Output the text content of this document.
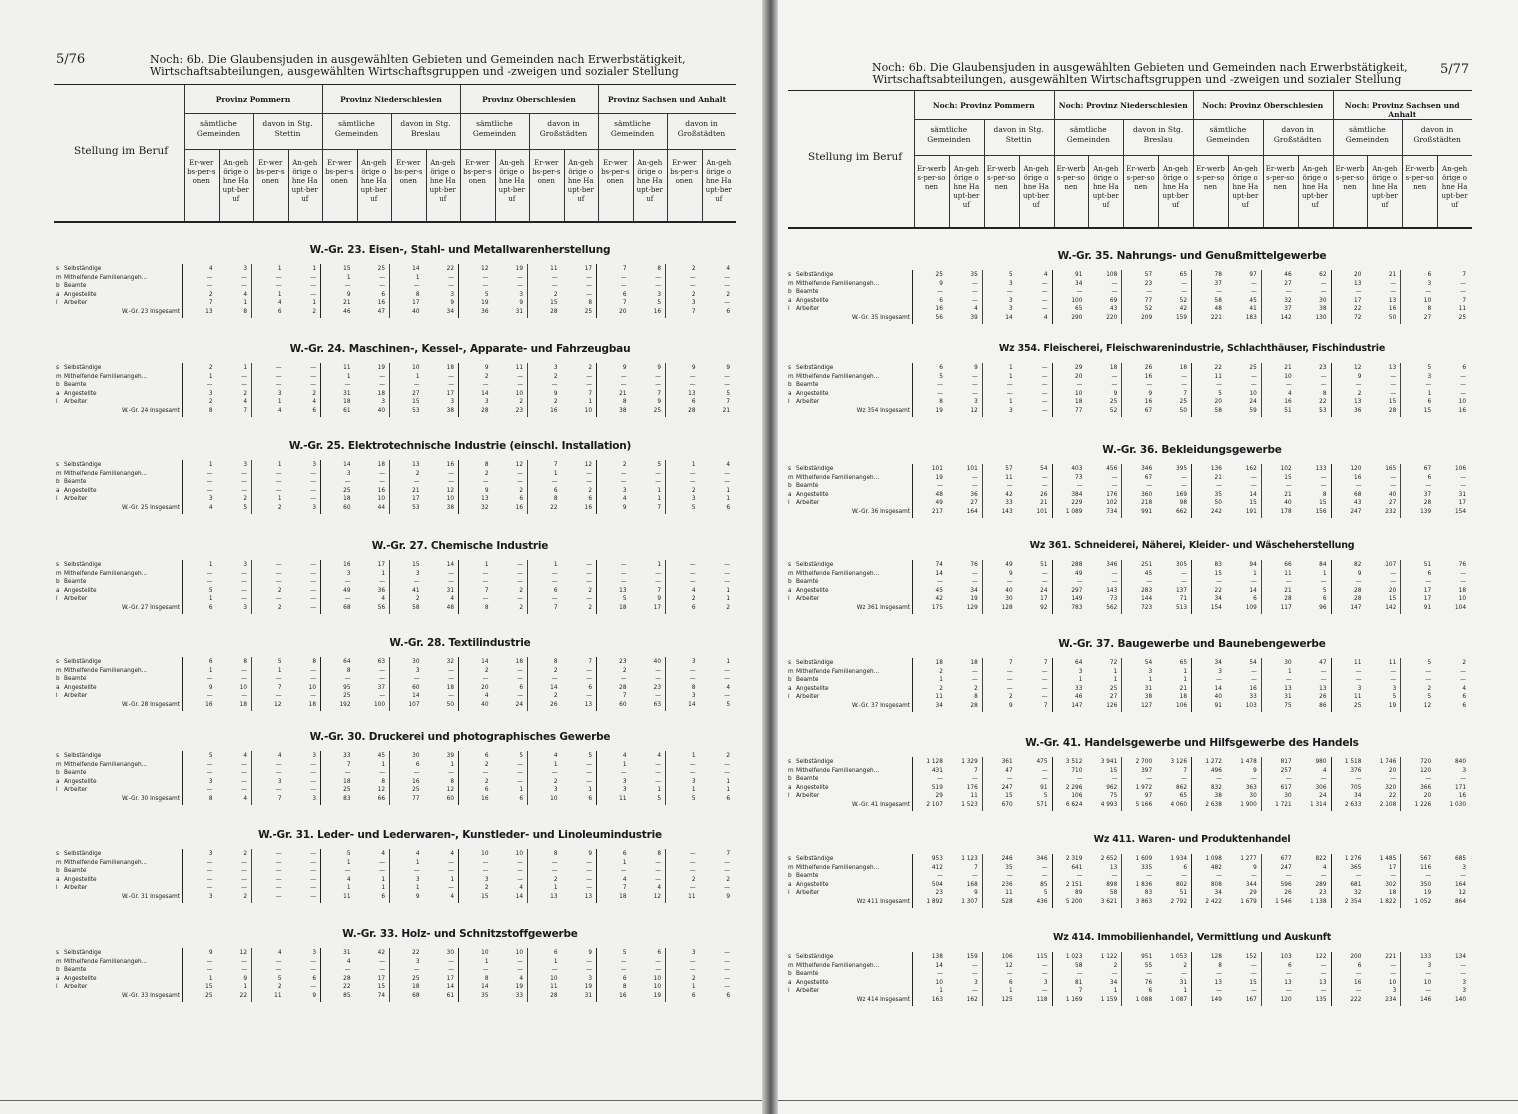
5/76	Noch: 6b. Die Glaubensjuden in ausgewählten Gebieten und Gemeinden nach Erwerbstätigkeit,
Wirtschaftsabteilungen, ausgewählten Wirtschaftsgruppen und -zweigen und sozialer Stellung
Stellung im Beruf
Provinz Pommern
sämtliche Gemeinden
Er-werbs-per-sonen
An-gehörige ohne Haupt-beruf
davon in Stg. Stettin
Er-werbs-per-sonen
An-gehörige ohne Haupt-beruf
Provinz Niederschlesien
sämtliche Gemeinden
Er-werbs-per-sonen
An-gehörige ohne Haupt-beruf
davon in Stg. Breslau
Er-werbs-per-sonen
An-gehörige ohne Haupt-beruf
Provinz Oberschlesien
sämtliche Gemeinden
Er-werbs-per-sonen
An-gehörige ohne Haupt-beruf
davon in Großstädten
Er-werbs-per-sonen
An-gehörige ohne Haupt-beruf
Provinz Sachsen und Anhalt
sämtliche Gemeinden
Er-werbs-per-sonen
An-gehörige ohne Haupt-beruf
davon in Großstädten
Er-werbs-per-sonen
An-gehörige ohne Haupt-beruf
W.-Gr. 23. Eisen-, Stahl- und Metallwarenherstellung
s Selbständige	4	3	1	1	15	25	14	22	12	19	11	17	7	8	2	4
m Mithelfende Familienangeh...	—	—	—	—	1	—	1	—	—	—	—	—	—	—	—	—
b Beamte	—	—	—	—	—	—	—	—	—	—	—	—	—	—	—	—
a Angestellte	2	4	1	—	9	6	8	3	5	3	2	—	6	3	2	2
l Arbeiter	7	1	4	1	21	16	17	9	19	9	15	8	7	5	3	—
W.-Gr. 23 Insgesamt	13	8	6	2	46	47	40	34	36	31	28	25	20	16	7	6
W.-Gr. 24. Maschinen-, Kessel-, Apparate- und Fahrzeugbau
s Selbständige	2	1	—	—	11	19	10	18	9	11	3	2	9	9	9	9
m Mithelfende Familienangeh...	1	—	—	—	1	—	1	—	2	—	2	—	—	—	—	—
b Beamte	—	—	—	—	—	—	—	—	—	—	—	—	—	—	—	—
a Angestellte	3	2	3	2	31	18	27	17	14	10	9	7	21	7	13	5
l Arbeiter	2	4	1	4	18	3	15	3	3	2	2	1	8	9	6	7
W.-Gr. 24 Insgesamt	8	7	4	6	61	40	53	38	28	23	16	10	38	25	28	21
W.-Gr. 25. Elektrotechnische Industrie (einschl. Installation)
s Selbständige	1	3	1	3	14	18	13	16	8	12	7	12	2	5	1	4
m Mithelfende Familienangeh...	—	—	—	—	3	—	2	—	2	—	1	—	—	—	—	—
b Beamte	—	—	—	—	—	—	—	—	—	—	—	—	—	—	—	—
a Angestellte	—	—	—	—	25	16	21	12	9	2	6	2	3	1	2	1
l Arbeiter	3	2	1	—	18	10	17	10	13	6	8	6	4	1	3	1
W.-Gr. 25 Insgesamt	4	5	2	3	60	44	53	38	32	16	22	16	9	7	5	6
W.-Gr. 27. Chemische Industrie
s Selbständige	1	3	—	—	16	17	15	14	1	—	1	—	—	1	—	—
m Mithelfende Familienangeh...	—	—	—	—	3	1	3	—	—	—	—	—	—	—	—	—
b Beamte	—	—	—	—	—	—	—	—	—	—	—	—	—	—	—	—
a Angestellte	5	—	2	—	49	36	41	31	7	2	6	2	13	7	4	1
l Arbeiter	1	—	—	—	—	4	2	4	—	—	—	—	5	9	2	1
W.-Gr. 27 Insgesamt	6	3	2	—	68	56	58	48	8	2	7	2	18	17	6	2
W.-Gr. 28. Textilindustrie
s Selbständige	6	8	5	8	64	63	30	32	14	18	8	7	23	40	3	1
m Mithelfende Familienangeh...	1	—	1	—	8	—	3	—	2	—	2	—	2	—	—	—
b Beamte	—	—	—	—	—	—	—	—	—	—	—	—	—	—	—	—
a Angestellte	9	10	7	10	95	37	60	18	20	6	14	6	28	23	8	4
l Arbeiter	—	—	—	—	25	—	14	—	4	—	2	—	7	—	3	—
W.-Gr. 28 Insgesamt	16	18	12	18	192	100	107	50	40	24	26	13	60	63	14	5
W.-Gr. 30. Druckerei und photographisches Gewerbe
s Selbständige	5	4	4	3	33	45	30	39	6	5	4	5	4	4	1	2
m Mithelfende Familienangeh...	—	—	—	—	7	1	6	1	2	—	1	—	1	—	—	—
b Beamte	—	—	—	—	—	—	—	—	—	—	—	—	—	—	—	—
a Angestellte	3	—	3	—	18	8	16	8	2	—	2	—	3	—	3	1
l Arbeiter	—	—	—	—	25	12	25	12	6	1	3	1	3	1	1	1
W.-Gr. 30 Insgesamt	8	4	7	3	83	66	77	60	16	6	10	6	11	5	5	6
W.-Gr. 31. Leder- und Lederwaren-, Kunstleder- und Linoleumindustrie
s Selbständige	3	2	—	—	5	4	4	4	10	10	8	9	6	8	—	7
m Mithelfende Familienangeh...	—	—	—	—	1	—	1	—	—	—	—	—	1	—	—	—
b Beamte	—	—	—	—	—	—	—	—	—	—	—	—	—	—	—	—
a Angestellte	—	—	—	—	4	1	3	1	3	—	2	—	4	—	2	2
l Arbeiter	—	—	—	—	1	1	1	—	2	4	1	—	7	4	—	—
W.-Gr. 31 Insgesamt	3	2	—	—	11	6	9	4	15	14	13	13	18	12	11	9
W.-Gr. 33. Holz- und Schnitzstoffgewerbe
s Selbständige	9	12	4	3	31	42	22	30	10	10	6	9	5	6	3	—
m Mithelfende Familienangeh...	—	—	—	—	4	—	3	—	1	—	1	—	—	—	—	—
b Beamte	—	—	—	—	—	—	—	—	—	—	—	—	—	—	—	—
a Angestellte	1	9	5	6	28	17	25	17	8	4	10	3	6	10	2	—
l Arbeiter	15	1	2	—	22	15	18	14	14	19	11	19	8	10	1	—
W.-Gr. 33 Insgesamt	25	22	11	9	85	74	68	61	35	33	28	31	16	19	6	6
5/77
Noch: 6b. Die Glaubensjuden in ausgewählten Gebieten und Gemeinden nach Erwerbstätigkeit,
Wirtschaftsabteilungen, ausgewählten Wirtschaftsgruppen und -zweigen und sozialer Stellung
Stellung im Beruf
Noch: Provinz Pommern
sämtliche Gemeinden
Er-werbs-per-sonen
An-gehörige ohne Haupt-beruf
davon in Stg. Stettin
Er-werbs-per-sonen
An-gehörige ohne Haupt-beruf
Noch: Provinz Niederschlesien
sämtliche Gemeinden
Er-werbs-per-sonen
An-gehörige ohne Haupt-beruf
davon in Stg. Breslau
Er-werbs-per-sonen
An-gehörige ohne Haupt-beruf
Noch: Provinz Oberschlesien
sämtliche Gemeinden
Er-werbs-per-sonen
An-gehörige ohne Haupt-beruf
davon in Großstädten
Er-werbs-per-sonen
An-gehörige ohne Haupt-beruf
Noch: Provinz Sachsen und Anhalt
sämtliche Gemeinden
Er-werbs-per-sonen
An-gehörige ohne Haupt-beruf
davon in Großstädten
Er-werbs-per-sonen
An-gehörige ohne Haupt-beruf
W.-Gr. 35. Nahrungs- und Genußmittelgewerbe
s Selbständige	25	35	5	4	91	108	57	65	78	97	46	62	20	21	6	7
m Mithelfende Familienangeh...	9	—	3	—	34	—	23	—	37	—	27	—	13	—	3	—
b Beamte	—	—	—	—	—	—	—	—	—	—	—	—	—	—	—	—
a Angestellte	6	—	3	—	100	69	77	52	58	45	32	30	17	13	10	7
l Arbeiter	16	4	3	—	65	43	52	42	48	41	37	38	22	16	8	11
W.-Gr. 35 Insgesamt	56	39	14	4	290	220	209	159	221	183	142	130	72	50	27	25
Wz 354. Fleischerei, Fleischwarenindustrie, Schlachthäuser, Fischindustrie
s Selbständige	6	9	1	—	29	18	26	18	22	25	21	23	12	13	5	6
m Mithelfende Familienangeh...	5	—	1	—	20	—	16	—	11	—	10	—	9	—	3	—
b Beamte	—	—	—	—	—	—	—	—	—	—	—	—	—	—	—	—
a Angestellte	—	—	—	—	10	9	9	7	5	10	4	8	2	—	1	—
l Arbeiter	8	3	1	—	18	25	16	25	20	24	16	22	13	15	6	10
Wz 354 Insgesamt	19	12	3	—	77	52	67	50	58	59	51	53	36	28	15	16
W.-Gr. 36. Bekleidungsgewerbe
s Selbständige	101	101	57	54	403	456	346	395	136	162	102	133	120	165	67	106
m Mithelfende Familienangeh...	19	—	11	—	73	—	67	—	21	—	15	—	16	—	6	—
b Beamte	—	—	—	—	—	—	—	—	—	—	—	—	—	—	—	—
a Angestellte	48	36	42	26	384	176	360	169	35	14	21	8	68	40	37	31
l Arbeiter	49	27	33	21	229	102	218	98	50	15	40	15	43	27	28	17
W.-Gr. 36 Insgesamt	217	164	143	101	1 089	734	991	662	242	191	178	156	247	232	139	154
Wz 361. Schneiderei, Näherei, Kleider- und Wäscheherstellung
s Selbständige	74	76	49	51	288	346	251	305	83	94	66	84	82	107	51	76
m Mithelfende Familienangeh...	14	—	9	—	49	—	45	—	15	1	11	1	9	—	6	—
b Beamte	—	—	—	—	—	—	—	—	—	—	—	—	—	—	—	—
a Angestellte	45	34	40	24	297	143	283	137	22	14	21	5	28	20	17	18
l Arbeiter	42	19	30	17	149	73	144	71	34	6	28	6	28	15	17	10
Wz 361 Insgesamt	175	129	128	92	783	562	723	513	154	109	117	96	147	142	91	104
W.-Gr. 37. Baugewerbe und Baunebengewerbe
s Selbständige	18	18	7	7	64	72	54	65	34	54	30	47	11	11	5	2
m Mithelfende Familienangeh...	2	—	—	—	3	1	3	1	3	—	1	—	—	—	—	—
b Beamte	1	—	—	—	1	1	1	1	—	—	—	—	—	—	—	—
a Angestellte	2	2	—	—	33	25	31	21	14	16	13	13	3	3	2	4
l Arbeiter	11	8	2	—	46	27	38	18	40	33	31	26	11	5	5	6
W.-Gr. 37 Insgesamt	34	28	9	7	147	126	127	106	91	103	75	86	25	19	12	6
W.-Gr. 41. Handelsgewerbe und Hilfsgewerbe des Handels
s Selbständige	1 128	1 329	361	475	3 512	3 941	2 700	3 126	1 272	1 478	817	980	1 518	1 746	720	840
m Mithelfende Familienangeh...	431	7	47	—	710	15	397	7	496	9	257	4	376	20	120	3
b Beamte	—	—	—	—	—	—	—	—	—	—	—	—	—	—	—	—
a Angestellte	519	176	247	91	2 296	962	1 972	862	832	363	617	306	705	320	366	171
l Arbeiter	29	11	15	5	106	75	97	65	38	30	30	24	34	22	20	16
W.-Gr. 41 Insgesamt	2 107	1 523	670	571	6 624	4 993	5 166	4 060	2 638	1 900	1 721	1 314	2 633	2 108	1 226	1 030
Wz 411. Waren- und Produktenhandel
s Selbständige	953	1 123	246	346	2 319	2 652	1 609	1 934	1 098	1 277	677	822	1 276	1 485	567	685
m Mithelfende Familienangeh...	412	7	35	—	641	13	335	6	482	9	247	4	365	17	116	3
b Beamte	—	—	—	—	—	—	—	—	—	—	—	—	—	—	—	—
a Angestellte	504	168	236	85	2 151	898	1 836	802	808	344	596	289	681	302	350	164
l Arbeiter	23	9	11	5	89	58	83	51	34	29	26	23	32	18	19	12
Wz 411 Insgesamt	1 892	1 307	528	436	5 200	3 621	3 863	2 792	2 422	1 679	1 546	1 138	2 354	1 822	1 052	864
Wz 414. Immobilienhandel, Vermittlung und Auskunft
s Selbständige	138	159	106	115	1 023	1 122	951	1 053	128	152	103	122	200	221	133	134
m Mithelfende Familienangeh...	14	—	12	—	58	2	55	2	8	—	6	—	6	—	3	—
b Beamte	—	—	—	—	—	—	—	—	—	—	—	—	—	—	—	—
a Angestellte	10	3	6	3	81	34	76	31	13	15	13	13	16	10	10	3
l Arbeiter	1	—	1	—	7	1	6	1	—	—	—	—	—	3	—	3
Wz 414 Insgesamt	163	162	125	118	1 169	1 159	1 088	1 087	149	167	120	135	222	234	146	140
